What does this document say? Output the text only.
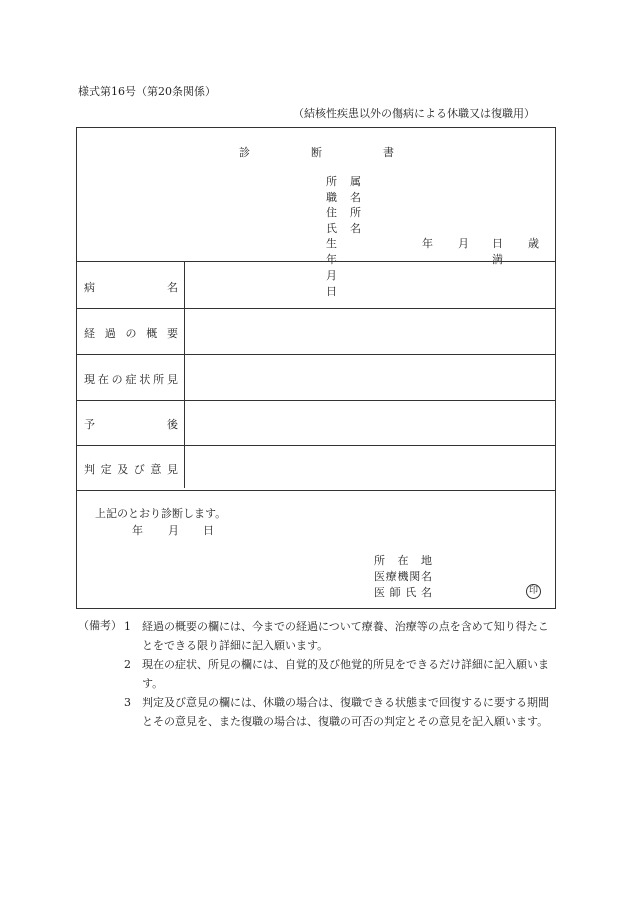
様式第16号（第20条関係）
（結核性疾患以外の傷病による休職又は復職用）
診	断	書
所属
職名
住所
氏名
生年月日
年 月 日満
歳
病　　　　名
経過の概要
現在の症状所見
予　　　　後
判定及び意見
上記のとおり診断します。
年 月 日
所在地
医療機関名
医師氏名	印
（備考） 1 経過の概要の欄には、今までの経過について療養、治療等の点を含めて知り得たことをできる限り詳細に記入願います。
2 現在の症状、所見の欄には、自覚的及び他覚的所見をできるだけ詳細に記入願います。
3 判定及び意見の欄には、休職の場合は、復職できる状態まで回復するに要する期間とその意見を、また復職の場合は、復職の可否の判定とその意見を記入願います。
